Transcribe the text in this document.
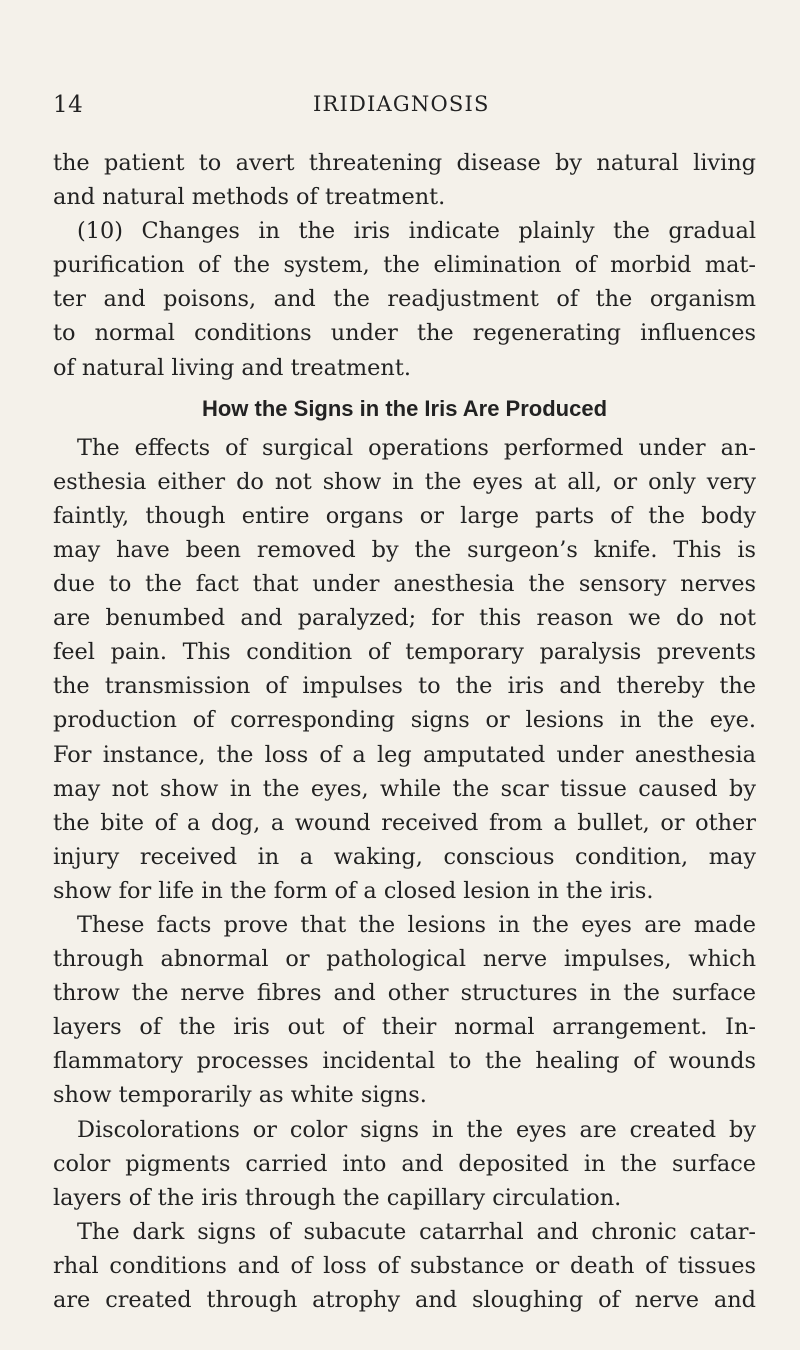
14	IRIDIAGNOSIS
the patient to avert threatening disease by natural living
and natural methods of treatment.
(10) Changes in the iris indicate plainly the gradual
purification of the system, the elimination of morbid mat-
ter and poisons, and the readjustment of the organism
to normal conditions under the regenerating influences
of natural living and treatment.
How the Signs in the Iris Are Produced
The effects of surgical operations performed under an-
esthesia either do not show in the eyes at all, or only very
faintly, though entire organs or large parts of the body
may have been removed by the surgeon’s knife. This is
due to the fact that under anesthesia the sensory nerves
are benumbed and paralyzed; for this reason we do not
feel pain. This condition of temporary paralysis prevents
the transmission of impulses to the iris and thereby the
production of corresponding signs or lesions in the eye.
For instance, the loss of a leg amputated under anesthesia
may not show in the eyes, while the scar tissue caused by
the bite of a dog, a wound received from a bullet, or other
injury received in a waking, conscious condition, may
show for life in the form of a closed lesion in the iris.
These facts prove that the lesions in the eyes are made
through abnormal or pathological nerve impulses, which
throw the nerve fibres and other structures in the surface
layers of the iris out of their normal arrangement. In-
flammatory processes incidental to the healing of wounds
show temporarily as white signs.
Discolorations or color signs in the eyes are created by
color pigments carried into and deposited in the surface
layers of the iris through the capillary circulation.
The dark signs of subacute catarrhal and chronic catar-
rhal conditions and of loss of substance or death of tissues
are created through atrophy and sloughing of nerve and
